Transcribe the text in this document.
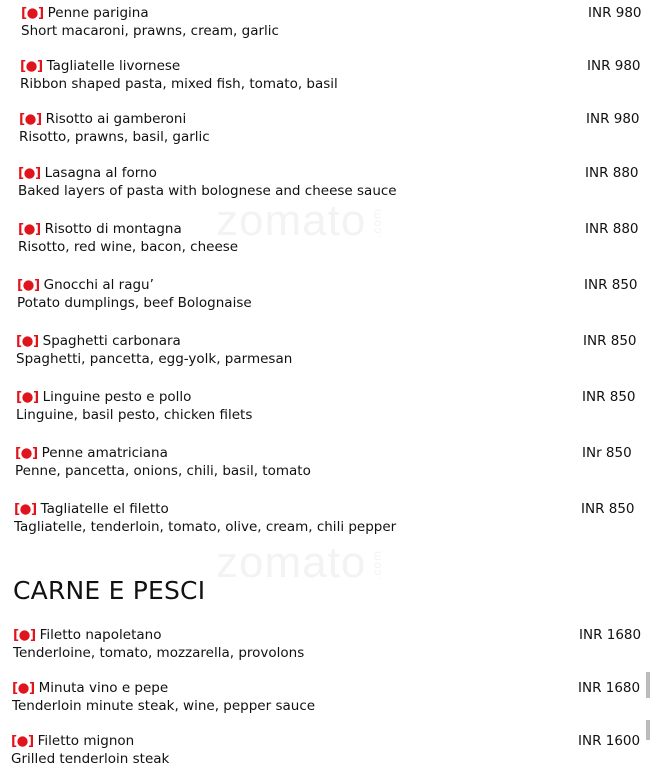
zomato .com
zomato .com
[●] Penne parigina
Short macaroni, prawns, cream, garlic
INR 980
[●] Tagliatelle livornese
Ribbon shaped pasta, mixed fish, tomato, basil
INR 980
[●] Risotto ai gamberoni
Risotto, prawns, basil, garlic
INR 980
[●] Lasagna al forno
Baked layers of pasta with bolognese and cheese sauce
INR 880
[●] Risotto di montagna
Risotto, red wine, bacon, cheese
INR 880
[●] Gnocchi al ragu’
Potato dumplings, beef Bolognaise
INR 850
[●] Spaghetti carbonara
Spaghetti, pancetta, egg-yolk, parmesan
INR 850
[●] Linguine pesto e pollo
Linguine, basil pesto, chicken filets
INR 850
[●] Penne amatriciana
Penne, pancetta, onions, chili, basil, tomato
INr 850
[●] Tagliatelle el filetto
Tagliatelle, tenderloin, tomato, olive, cream, chili pepper
INR 850
CARNE E PESCI
[●] Filetto napoletano
Tenderloine, tomato, mozzarella, provolons
INR 1680
[●] Minuta vino e pepe
Tenderloin minute steak, wine, pepper sauce
INR 1680
[●] Filetto mignon
Grilled tenderloin steak
INR 1600
